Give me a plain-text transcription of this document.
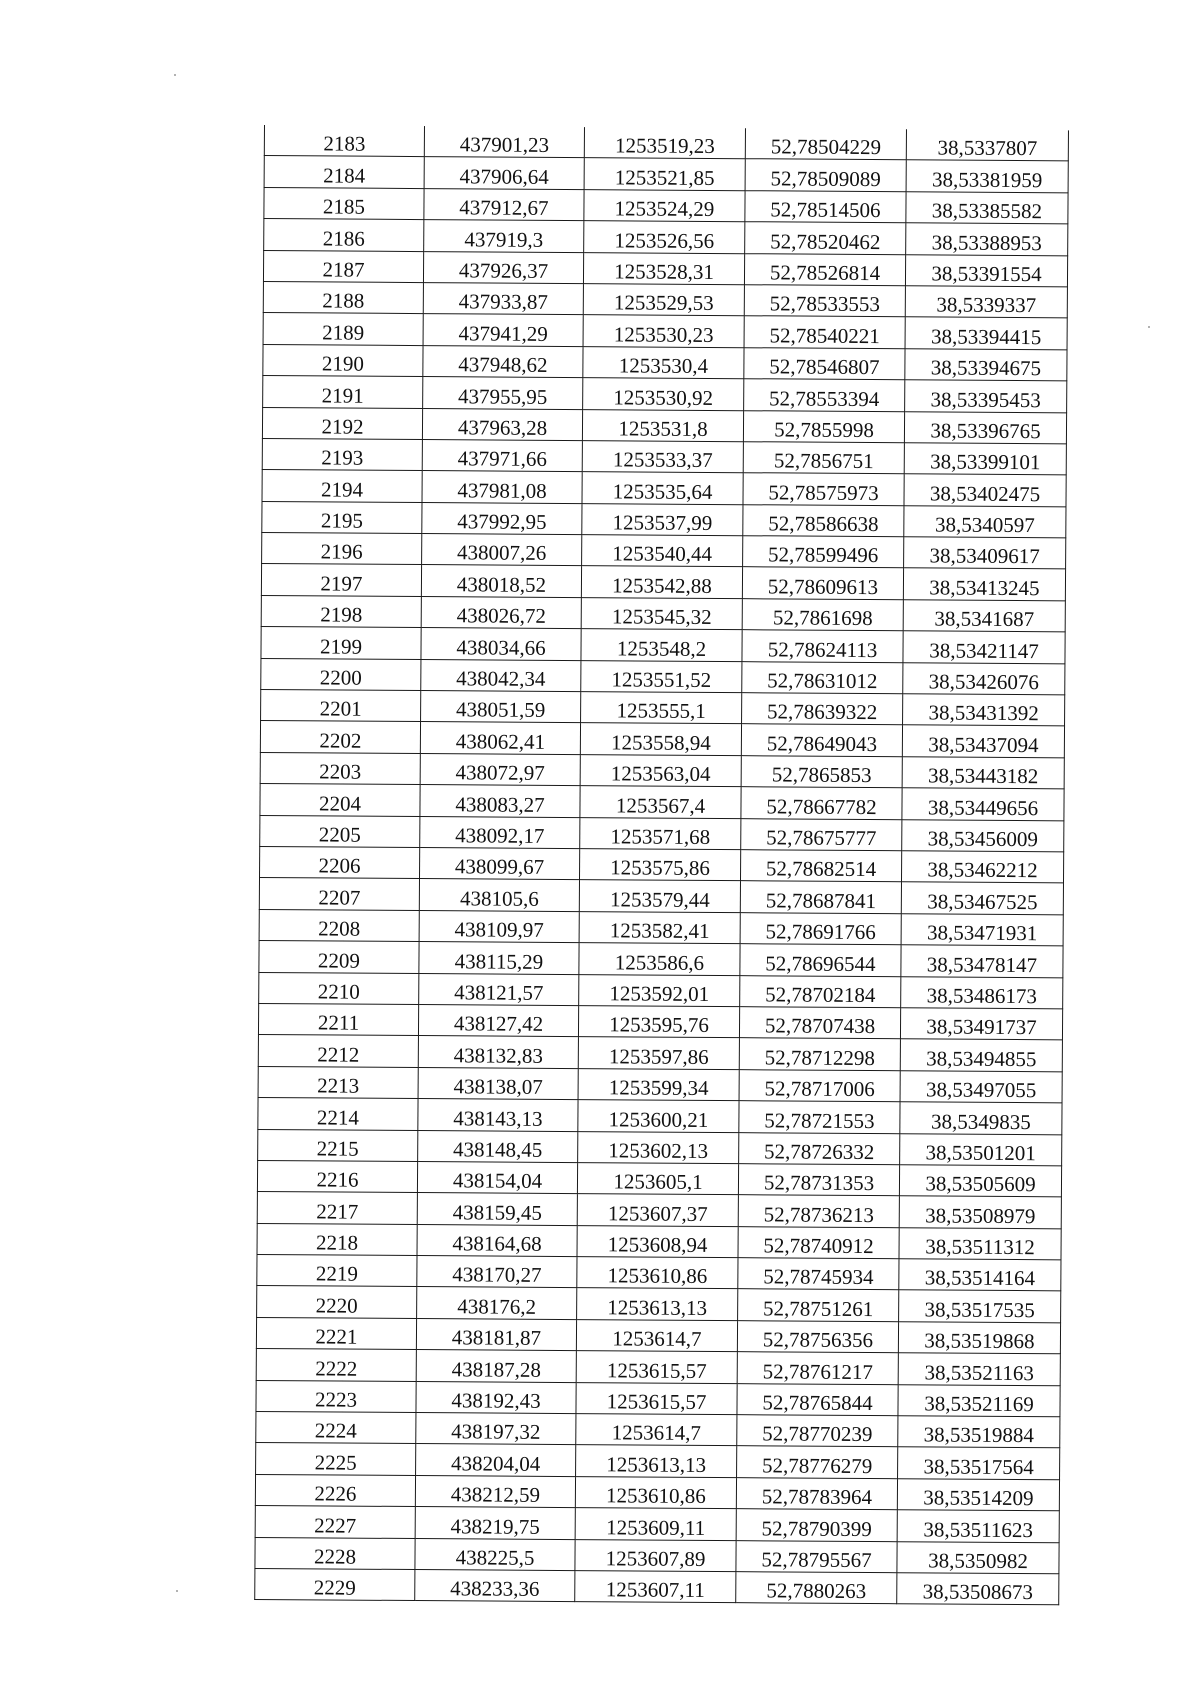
2183	437901,23	1253519,23	52,78504229	38,5337807
2184	437906,64	1253521,85	52,78509089	38,53381959
2185	437912,67	1253524,29	52,78514506	38,53385582
2186	437919,3	1253526,56	52,78520462	38,53388953
2187	437926,37	1253528,31	52,78526814	38,53391554
2188	437933,87	1253529,53	52,78533553	38,5339337
2189	437941,29	1253530,23	52,78540221	38,53394415
2190	437948,62	1253530,4	52,78546807	38,53394675
2191	437955,95	1253530,92	52,78553394	38,53395453
2192	437963,28	1253531,8	52,7855998	38,53396765
2193	437971,66	1253533,37	52,7856751	38,53399101
2194	437981,08	1253535,64	52,78575973	38,53402475
2195	437992,95	1253537,99	52,78586638	38,5340597
2196	438007,26	1253540,44	52,78599496	38,53409617
2197	438018,52	1253542,88	52,78609613	38,53413245
2198	438026,72	1253545,32	52,7861698	38,5341687
2199	438034,66	1253548,2	52,78624113	38,53421147
2200	438042,34	1253551,52	52,78631012	38,53426076
2201	438051,59	1253555,1	52,78639322	38,53431392
2202	438062,41	1253558,94	52,78649043	38,53437094
2203	438072,97	1253563,04	52,7865853	38,53443182
2204	438083,27	1253567,4	52,78667782	38,53449656
2205	438092,17	1253571,68	52,78675777	38,53456009
2206	438099,67	1253575,86	52,78682514	38,53462212
2207	438105,6	1253579,44	52,78687841	38,53467525
2208	438109,97	1253582,41	52,78691766	38,53471931
2209	438115,29	1253586,6	52,78696544	38,53478147
2210	438121,57	1253592,01	52,78702184	38,53486173
2211	438127,42	1253595,76	52,78707438	38,53491737
2212	438132,83	1253597,86	52,78712298	38,53494855
2213	438138,07	1253599,34	52,78717006	38,53497055
2214	438143,13	1253600,21	52,78721553	38,5349835
2215	438148,45	1253602,13	52,78726332	38,53501201
2216	438154,04	1253605,1	52,78731353	38,53505609
2217	438159,45	1253607,37	52,78736213	38,53508979
2218	438164,68	1253608,94	52,78740912	38,53511312
2219	438170,27	1253610,86	52,78745934	38,53514164
2220	438176,2	1253613,13	52,78751261	38,53517535
2221	438181,87	1253614,7	52,78756356	38,53519868
2222	438187,28	1253615,57	52,78761217	38,53521163
2223	438192,43	1253615,57	52,78765844	38,53521169
2224	438197,32	1253614,7	52,78770239	38,53519884
2225	438204,04	1253613,13	52,78776279	38,53517564
2226	438212,59	1253610,86	52,78783964	38,53514209
2227	438219,75	1253609,11	52,78790399	38,53511623
2228	438225,5	1253607,89	52,78795567	38,5350982
2229	438233,36	1253607,11	52,7880263	38,53508673
